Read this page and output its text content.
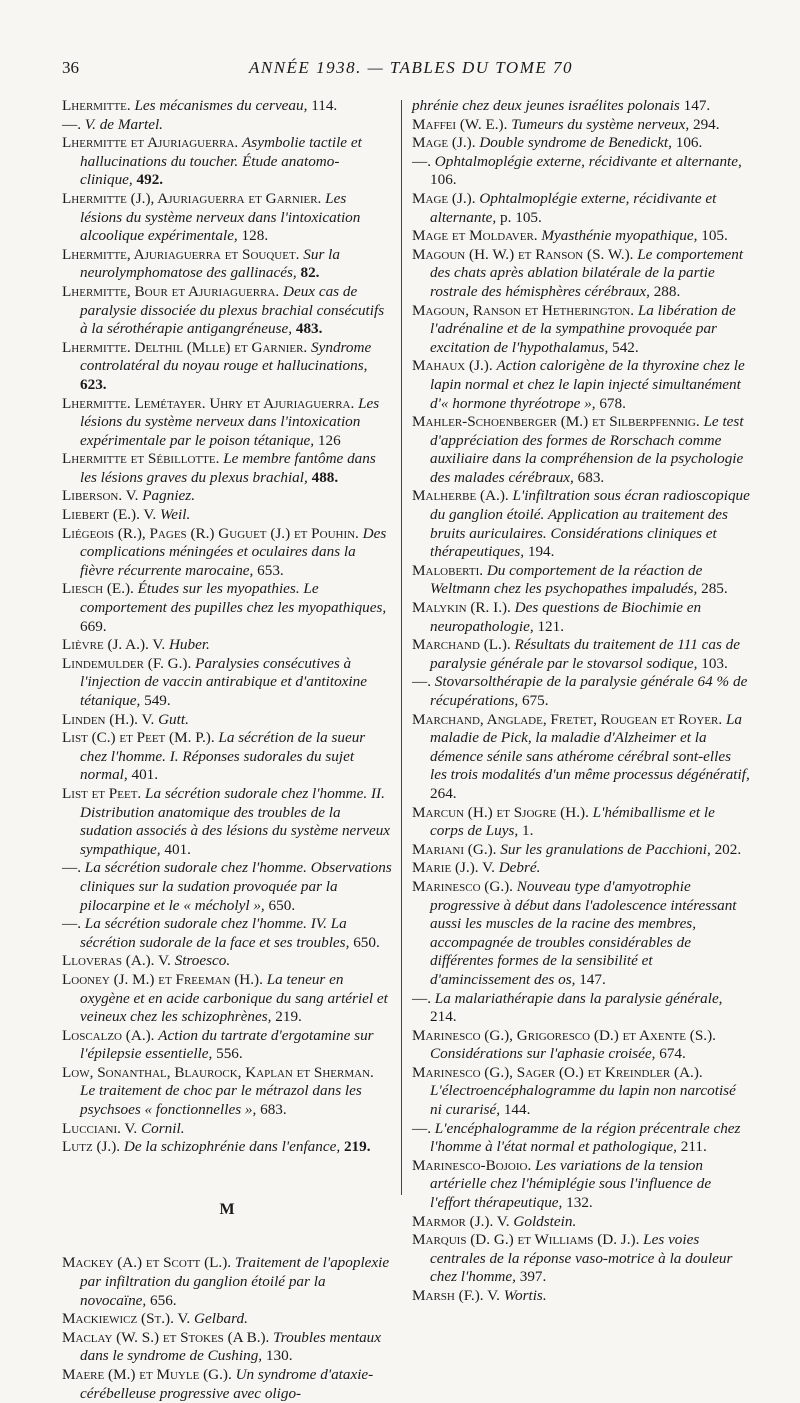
36	ANNÉE 1938. — TABLES DU TOME 70

Lhermitte. Les mécanismes du cerveau, 114.

—. V. de Martel.

Lhermitte et Ajuriaguerra. Asymbolie tactile et hallucinations du toucher. Étude anatomo-clinique, 492.

Lhermitte (J.), Ajuriaguerra et Garnier. Les lésions du système nerveux dans l'intoxication alcoolique expérimentale, 128.

Lhermitte, Ajuriaguerra et Souquet. Sur la neurolymphomatose des gallinacés, 82.

Lhermitte, Bour et Ajuriaguerra. Deux cas de paralysie dissociée du plexus brachial consécutifs à la sérothérapie antigangréneuse, 483.

Lhermitte. Delthil (Mlle) et Garnier. Syndrome controlatéral du noyau rouge et hallucinations, 623.

Lhermitte. Lemétayer. Uhry et Ajuriaguerra. Les lésions du système nerveux dans l'intoxication expérimentale par le poison tétanique, 126

Lhermitte et Sébillotte. Le membre fantôme dans les lésions graves du plexus brachial, 488.

Liberson. V. Pagniez.

Liebert (E.). V. Weil.

Liégeois (R.), Pages (R.) Guguet (J.) et Pouhin. Des complications méningées et oculaires dans la fièvre récurrente marocaine, 653.

Liesch (E.). Études sur les myopathies. Le comportement des pupilles chez les myopathiques, 669.

Lièvre (J. A.). V. Huber.

Lindemulder (F. G.). Paralysies consécutives à l'injection de vaccin antirabique et d'antitoxine tétanique, 549.

Linden (H.). V. Gutt.

List (C.) et Peet (M. P.). La sécrétion de la sueur chez l'homme. I. Réponses sudorales du sujet normal, 401.

List et Peet. La sécrétion sudorale chez l'homme. II. Distribution anatomique des troubles de la sudation associés à des lésions du système nerveux sympathique, 401.

—. La sécrétion sudorale chez l'homme. Observations cliniques sur la sudation provoquée par la pilocarpine et le « mécholyl », 650.

—. La sécrétion sudorale chez l'homme. IV. La sécrétion sudorale de la face et ses troubles, 650.

Lloveras (A.). V. Stroesco.

Looney (J. M.) et Freeman (H.). La teneur en oxygène et en acide carbonique du sang artériel et veineux chez les schizophrènes, 219.

Loscalzo (A.). Action du tartrate d'ergotamine sur l'épilepsie essentielle, 556.

Low, Sonanthal, Blaurock, Kaplan et Sherman. Le traitement de choc par le métrazol dans les psychsoes « fonctionnelles », 683.

Lucciani. V. Cornil.

Lutz (J.). De la schizophrénie dans l'enfance, 219.

M

Mackey (A.) et Scott (L.). Traitement de l'apoplexie par infiltration du ganglion étoilé par la novocaïne, 656.

Mackiewicz (St.). V. Gelbard.

Maclay (W. S.) et Stokes (A B.). Troubles mentaux dans le syndrome de Cushing, 130.

Maere (M.) et Muyle (G.). Un syndrome d'ataxie-cérébelleuse progressive avec oligo-

phrénie chez deux jeunes israélites polonais 147.

Maffei (W. E.). Tumeurs du système nerveux, 294.

Mage (J.). Double syndrome de Benedickt, 106.

—. Ophtalmoplégie externe, récidivante et alternante, 106.

Mage (J.). Ophtalmoplégie externe, récidivante et alternante, p. 105.

Mage et Moldaver. Myasthénie myopathique, 105.

Magoun (H. W.) et Ranson (S. W.). Le comportement des chats après ablation bilatérale de la partie rostrale des hémisphères cérébraux, 288.

Magoun, Ranson et Hetherington. La libération de l'adrénaline et de la sympathine provoquée par excitation de l'hypothalamus, 542.

Mahaux (J.). Action calorigène de la thyroxine chez le lapin normal et chez le lapin injecté simultanément d'« hormone thyréotrope », 678.

Mahler-Schoenberger (M.) et Silberpfennig. Le test d'appréciation des formes de Rorschach comme auxiliaire dans la compréhension de la psychologie des malades cérébraux, 683.

Malherbe (A.). L'infiltration sous écran radioscopique du ganglion étoilé. Application au traitement des bruits auriculaires. Considérations cliniques et thérapeutiques, 194.

Maloberti. Du comportement de la réaction de Weltmann chez les psychopathes impaludés, 285.

Malykin (R. I.). Des questions de Biochimie en neuropathologie, 121.

Marchand (L.). Résultats du traitement de 111 cas de paralysie générale par le stovarsol sodique, 103.

—. Stovarsolthérapie de la paralysie générale 64 % de récupérations, 675.

Marchand, Anglade, Fretet, Rougean et Royer. La maladie de Pick, la maladie d'Alzheimer et la démence sénile sans athérome cérébral sont-elles les trois modalités d'un même processus dégénératif, 264.

Marcun (H.) et Sjogre (H.). L'hémiballisme et le corps de Luys, 1.

Mariani (G.). Sur les granulations de Pacchioni, 202.

Marie (J.). V. Debré.

Marinesco (G.). Nouveau type d'amyotrophie progressive à début dans l'adolescence intéressant aussi les muscles de la racine des membres, accompagnée de troubles considérables de différentes formes de la sensibilité et d'amincissement des os, 147.

—. La malariathérapie dans la paralysie générale, 214.

Marinesco (G.), Grigoresco (D.) et Axente (S.). Considérations sur l'aphasie croisée, 674.

Marinesco (G.), Sager (O.) et Kreindler (A.). L'électroencéphalogramme du lapin non narcotisé ni curarisé, 144.

—. L'encéphalogramme de la région précentrale chez l'homme à l'état normal et pathologique, 211.

Marinesco-Bojoio. Les variations de la tension artérielle chez l'hémiplégie sous l'influence de l'effort thérapeutique, 132.

Marmor (J.). V. Goldstein.

Marquis (D. G.) et Williams (D. J.). Les voies centrales de la réponse vaso-motrice à la douleur chez l'homme, 397.

Marsh (F.). V. Wortis.
